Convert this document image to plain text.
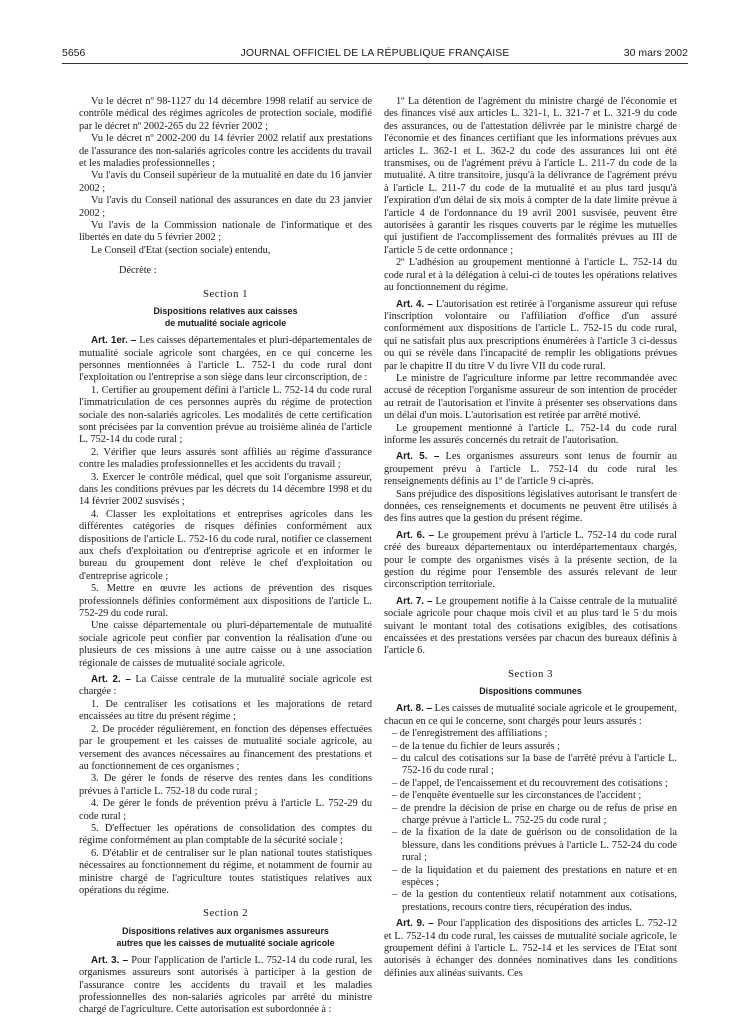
5656	JOURNAL OFFICIEL DE LA RÉPUBLIQUE FRANÇAISE	30 mars 2002

Vu le décret nº 98-1127 du 14 décembre 1998 relatif au service de contrôle médical des régimes agricoles de protection sociale, modifié par le décret nº 2002-265 du 22 février 2002 ;

Vu le décret nº 2002-200 du 14 février 2002 relatif aux prestations de l'assurance des non-salariés agricoles contre les accidents du travail et les maladies professionnelles ;

Vu l'avis du Conseil supérieur de la mutualité en date du 16 janvier 2002 ;

Vu l'avis du Conseil national des assurances en date du 23 janvier 2002 ;

Vu l'avis de la Commission nationale de l'informatique et des libertés en date du 5 février 2002 ;

Le Conseil d'Etat (section sociale) entendu,

Décrète :

Section 1
Dispositions relatives aux caisses
de mutualité sociale agricole

Art. 1er. – Les caisses départementales et pluri-départementales de mutualité sociale agricole sont chargées, en ce qui concerne les personnes mentionnées à l'article L. 752-1 du code rural dont l'exploitation ou l'entreprise a son siège dans leur circonscription, de :

1. Certifier au groupement défini à l'article L. 752-14 du code rural l'immatriculation de ces personnes auprès du régime de protection sociale des non-salariés agricoles. Les modalités de cette certification sont précisées par la convention prévue au troisième alinéa de l'article L. 752-14 du code rural ;

2. Vérifier que leurs assurés sont affiliés au régime d'assurance contre les maladies professionnelles et les accidents du travail ;

3. Exercer le contrôle médical, quel que soit l'organisme assureur, dans les conditions prévues par les décrets du 14 décembre 1998 et du 14 février 2002 susvisés ;

4. Classer les exploitations et entreprises agricoles dans les différentes catégories de risques définies conformément aux dispositions de l'article L. 752-16 du code rural, notifier ce classement aux chefs d'exploitation ou d'entreprise agricole et en informer le bureau du groupement dont relève le chef d'exploitation ou d'entreprise agricole ;

5. Mettre en œuvre les actions de prévention des risques professionnels définies conformément aux dispositions de l'article L. 752-29 du code rural.

Une caisse départementale ou pluri-départementale de mutualité sociale agricole peut confier par convention la réalisation d'une ou plusieurs de ces missions à une autre caisse ou à une association régionale de caisses de mutualité sociale agricole.

Art. 2. – La Caisse centrale de la mutualité sociale agricole est chargée :

1. De centraliser les cotisations et les majorations de retard encaissées au titre du présent régime ;

2. De procéder régulièrement, en fonction des dépenses effectuées par le groupement et les caisses de mutualité sociale agricole, au versement des avances nécessaires au financement des prestations et au fonctionnement de ces organismes ;

3. De gérer le fonds de réserve des rentes dans les conditions prévues à l'article L. 752-18 du code rural ;

4. De gérer le fonds de prévention prévu à l'article L. 752-29 du code rural ;

5. D'effectuer les opérations de consolidation des comptes du régime conformément au plan comptable de la sécurité sociale ;

6. D'établir et de centraliser sur le plan national toutes statistiques nécessaires au fonctionnement du régime, et notamment de fournir au ministre chargé de l'agriculture toutes statistiques relatives aux opérations du régime.

Section 2
Dispositions relatives aux organismes assureurs
autres que les caisses de mutualité sociale agricole

Art. 3. – Pour l'application de l'article L. 752-14 du code rural, les organismes assureurs sont autorisés à participer à la gestion de l'assurance contre les accidents du travail et les maladies professionnelles des non-salariés agricoles par arrêté du ministre chargé de l'agriculture. Cette autorisation est subordonnée à :

1º La détention de l'agrément du ministre chargé de l'économie et des finances visé aux articles L. 321-1, L. 321-7 et L. 321-9 du code des assurances, ou de l'attestation délivrée par le ministre chargé de l'économie et des finances certifiant que les informations prévues aux articles L. 362-1 et L. 362-2 du code des assurances lui ont été transmises, ou de l'agrément prévu à l'article L. 211-7 du code de la mutualité. A titre transitoire, jusqu'à la délivrance de l'agrément prévu à l'article L. 211-7 du code de la mutualité et au plus tard jusqu'à l'expiration d'un délai de six mois à compter de la date limite prévue à l'article 4 de l'ordonnance du 19 avril 2001 susvisée, peuvent être autorisées à garantir les risques couverts par le régime les mutuelles qui justifient de l'accomplissement des formalités prévues au III de l'article 5 de cette ordonnance ;

2º L'adhésion au groupement mentionné à l'article L. 752-14 du code rural et à la délégation à celui-ci de toutes les opérations relatives au fonctionnement du régime.

Art. 4. – L'autorisation est retirée à l'organisme assureur qui refuse l'inscription volontaire ou l'affiliation d'office d'un assuré conformément aux dispositions de l'article L. 752-15 du code rural, qui ne satisfait plus aux prescriptions énumérées à l'article 3 ci-dessus ou qui se révèle dans l'incapacité de remplir les obligations prévues par le chapitre II du titre V du livre VII du code rural.

Le ministre de l'agriculture informe par lettre recommandée avec accusé de réception l'organisme assureur de son intention de procéder au retrait de l'autorisation et l'invite à présenter ses observations dans un délai d'un mois. L'autorisation est retirée par arrêté motivé.

Le groupement mentionné à l'article L. 752-14 du code rural informe les assurés concernés du retrait de l'autorisation.

Art. 5. – Les organismes assureurs sont tenus de fournir au groupement prévu à l'article L. 752-14 du code rural les renseignements définis au 1º de l'article 9 ci-après.

Sans préjudice des dispositions législatives autorisant le transfert de données, ces renseignements et documents ne peuvent être utilisés à des fins autres que la gestion du présent régime.

Art. 6. – Le groupement prévu à l'article L. 752-14 du code rural créé des bureaux départementaux ou interdépartementaux chargés, pour le compte des organismes visés à la présente section, de la gestion du régime pour l'ensemble des assurés relevant de leur circonscription territoriale.

Art. 7. – Le groupement notifie à la Caisse centrale de la mutualité sociale agricole pour chaque mois civil et au plus tard le 5 du mois suivant le montant total des cotisations exigibles, des cotisations encaissées et des prestations versées par chacun des bureaux définis à l'article 6.

Section 3
Dispositions communes

Art. 8. – Les caisses de mutualité sociale agricole et le groupement, chacun en ce qui le concerne, sont chargés pour leurs assurés :

– de l'enregistrement des affiliations ;
– de la tenue du fichier de leurs assurés ;
– du calcul des cotisations sur la base de l'arrêté prévu à l'article L. 752-16 du code rural ;
– de l'appel, de l'encaissement et du recouvrement des cotisations ;
– de l'enquête éventuelle sur les circonstances de l'accident ;
– de prendre la décision de prise en charge ou de refus de prise en charge prévue à l'article L. 752-25 du code rural ;
– de la fixation de la date de guérison ou de consolidation de la blessure, dans les conditions prévues à l'article L. 752-24 du code rural ;
– de la liquidation et du paiement des prestations en nature et en espèces ;
– de la gestion du contentieux relatif notamment aux cotisations, prestations, recours contre tiers, récupération des indus.

Art. 9. – Pour l'application des dispositions des articles L. 752-12 et L. 752-14 du code rural, les caisses de mutualité sociale agricole, le groupement défini à l'article L. 752-14 et les services de l'Etat sont autorisés à échanger des données nominatives dans les conditions définies aux alinéas suivants. Ces
